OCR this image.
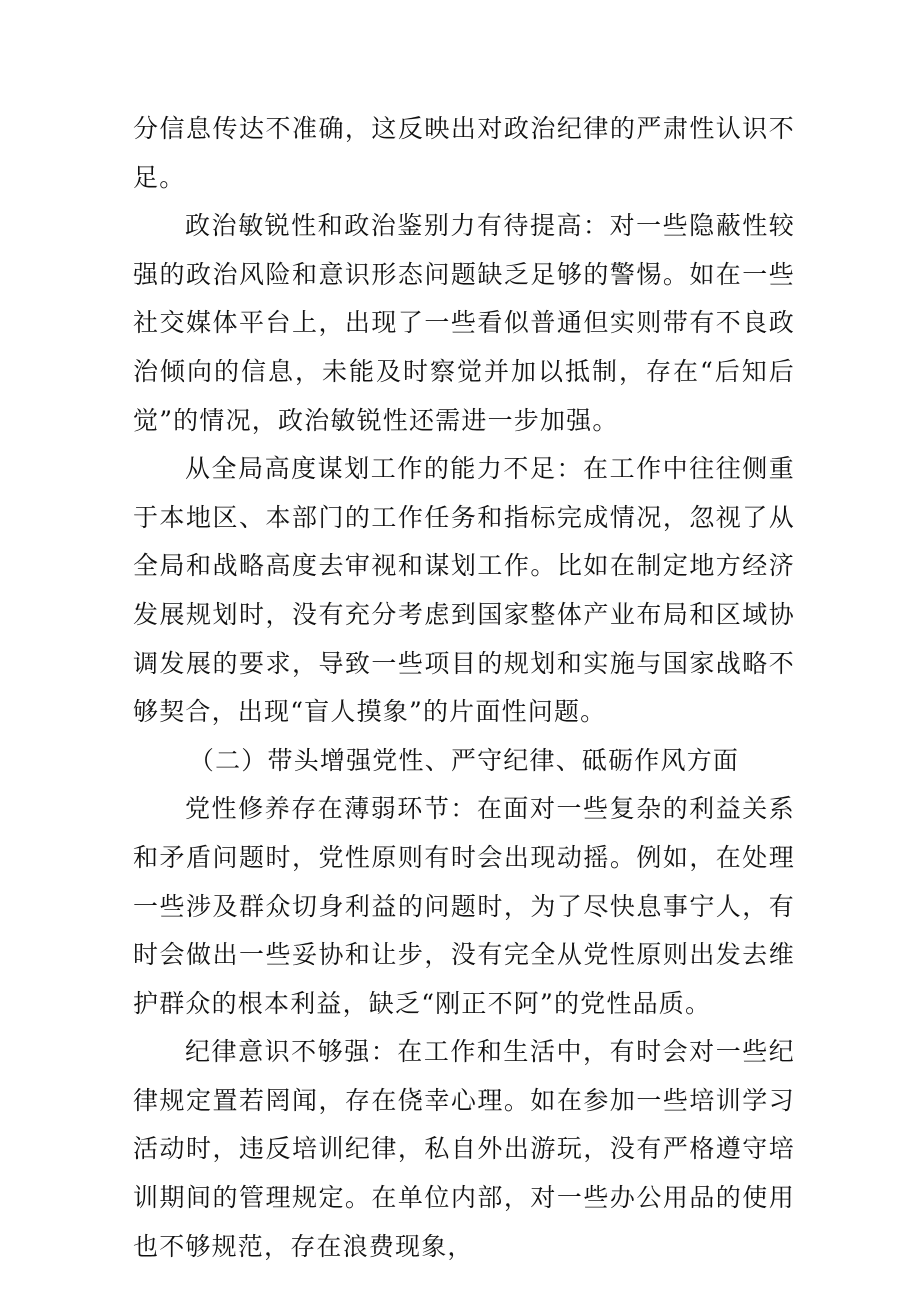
分信息传达不准确，这反映出对政治纪律的严肃性认识不足。

政治敏锐性和政治鉴别力有待提高：对一些隐蔽性较强的政治风险和意识形态问题缺乏足够的警惕。如在一些社交媒体平台上，出现了一些看似普通但实则带有不良政治倾向的信息，未能及时察觉并加以抵制，存在“后知后觉”的情况，政治敏锐性还需进一步加强。

从全局高度谋划工作的能力不足：在工作中往往侧重于本地区、本部门的工作任务和指标完成情况，忽视了从全局和战略高度去审视和谋划工作。比如在制定地方经济发展规划时，没有充分考虑到国家整体产业布局和区域协调发展的要求，导致一些项目的规划和实施与国家战略不够契合，出现“盲人摸象”的片面性问题。

（二）带头增强党性、严守纪律、砥砺作风方面

党性修养存在薄弱环节：在面对一些复杂的利益关系和矛盾问题时，党性原则有时会出现动摇。例如，在处理一些涉及群众切身利益的问题时，为了尽快息事宁人，有时会做出一些妥协和让步，没有完全从党性原则出发去维护群众的根本利益，缺乏“刚正不阿”的党性品质。

纪律意识不够强：在工作和生活中，有时会对一些纪律规定置若罔闻，存在侥幸心理。如在参加一些培训学习活动时，违反培训纪律，私自外出游玩，没有严格遵守培训期间的管理规定。在单位内部，对一些办公用品的使用也不够规范，存在浪费现象，
